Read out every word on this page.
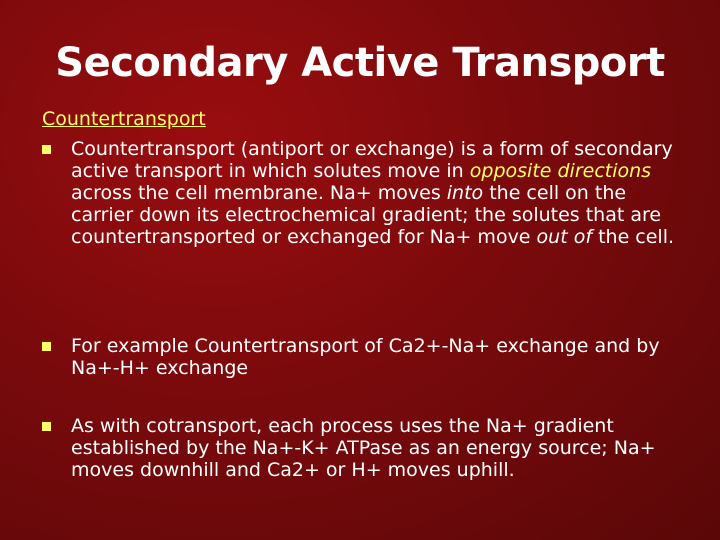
Secondary Active Transport
Countertransport
Countertransport (antiport or exchange) is a form of secondary active transport in which solutes move in opposite directions across the cell membrane. Na+ moves into the cell on the carrier down its electrochemical gradient; the solutes that are countertransported or exchanged for Na+ move out of the cell.
For example Countertransport of Ca2+-Na+ exchange and by Na+-H+ exchange
As with cotransport, each process uses the Na+ gradient established by the Na+-K+ ATPase as an energy source; Na+ moves downhill and Ca2+ or H+ moves uphill.
